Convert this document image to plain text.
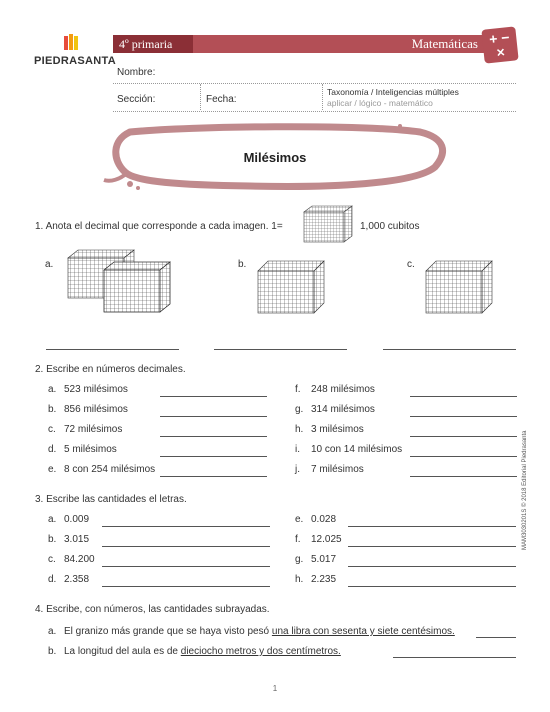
PIEDRASANTA
4º primaria	Matemáticas + −
×
Nombre:
Sección:	Fecha:
Taxonomía / Inteligencias múltiples
aplicar / lógico - matemático
Milésimos
1. Anota el decimal que corresponde a cada imagen. 1=	1,000 cubitos
a.	b.	c.
2. Escribe en números decimales.
a. 523 milésimos
b. 856 milésimos
c. 72 milésimos
d. 5 milésimos
e. 8 con 254 milésimos
f. 248 milésimos
g. 314 milésimos
h. 3 milésimos
i. 10 con 14 milésimos
j. 7 milésimos
3. Escribe las cantidades el letras.
a. 0.009
b. 3.015
c. 84.200
d. 2.358
e. 0.028
f. 12.025
g. 5.017
h. 2.235
4. Escribe, con números, las cantidades subrayadas.
a. El granizo más grande que se haya visto pesó una libra con sesenta y siete centésimos.
b. La longitud del aula es de dieciocho metros y dos centímetros.
1
MAM3030201S © 2018 Editorial Piedrasanta
